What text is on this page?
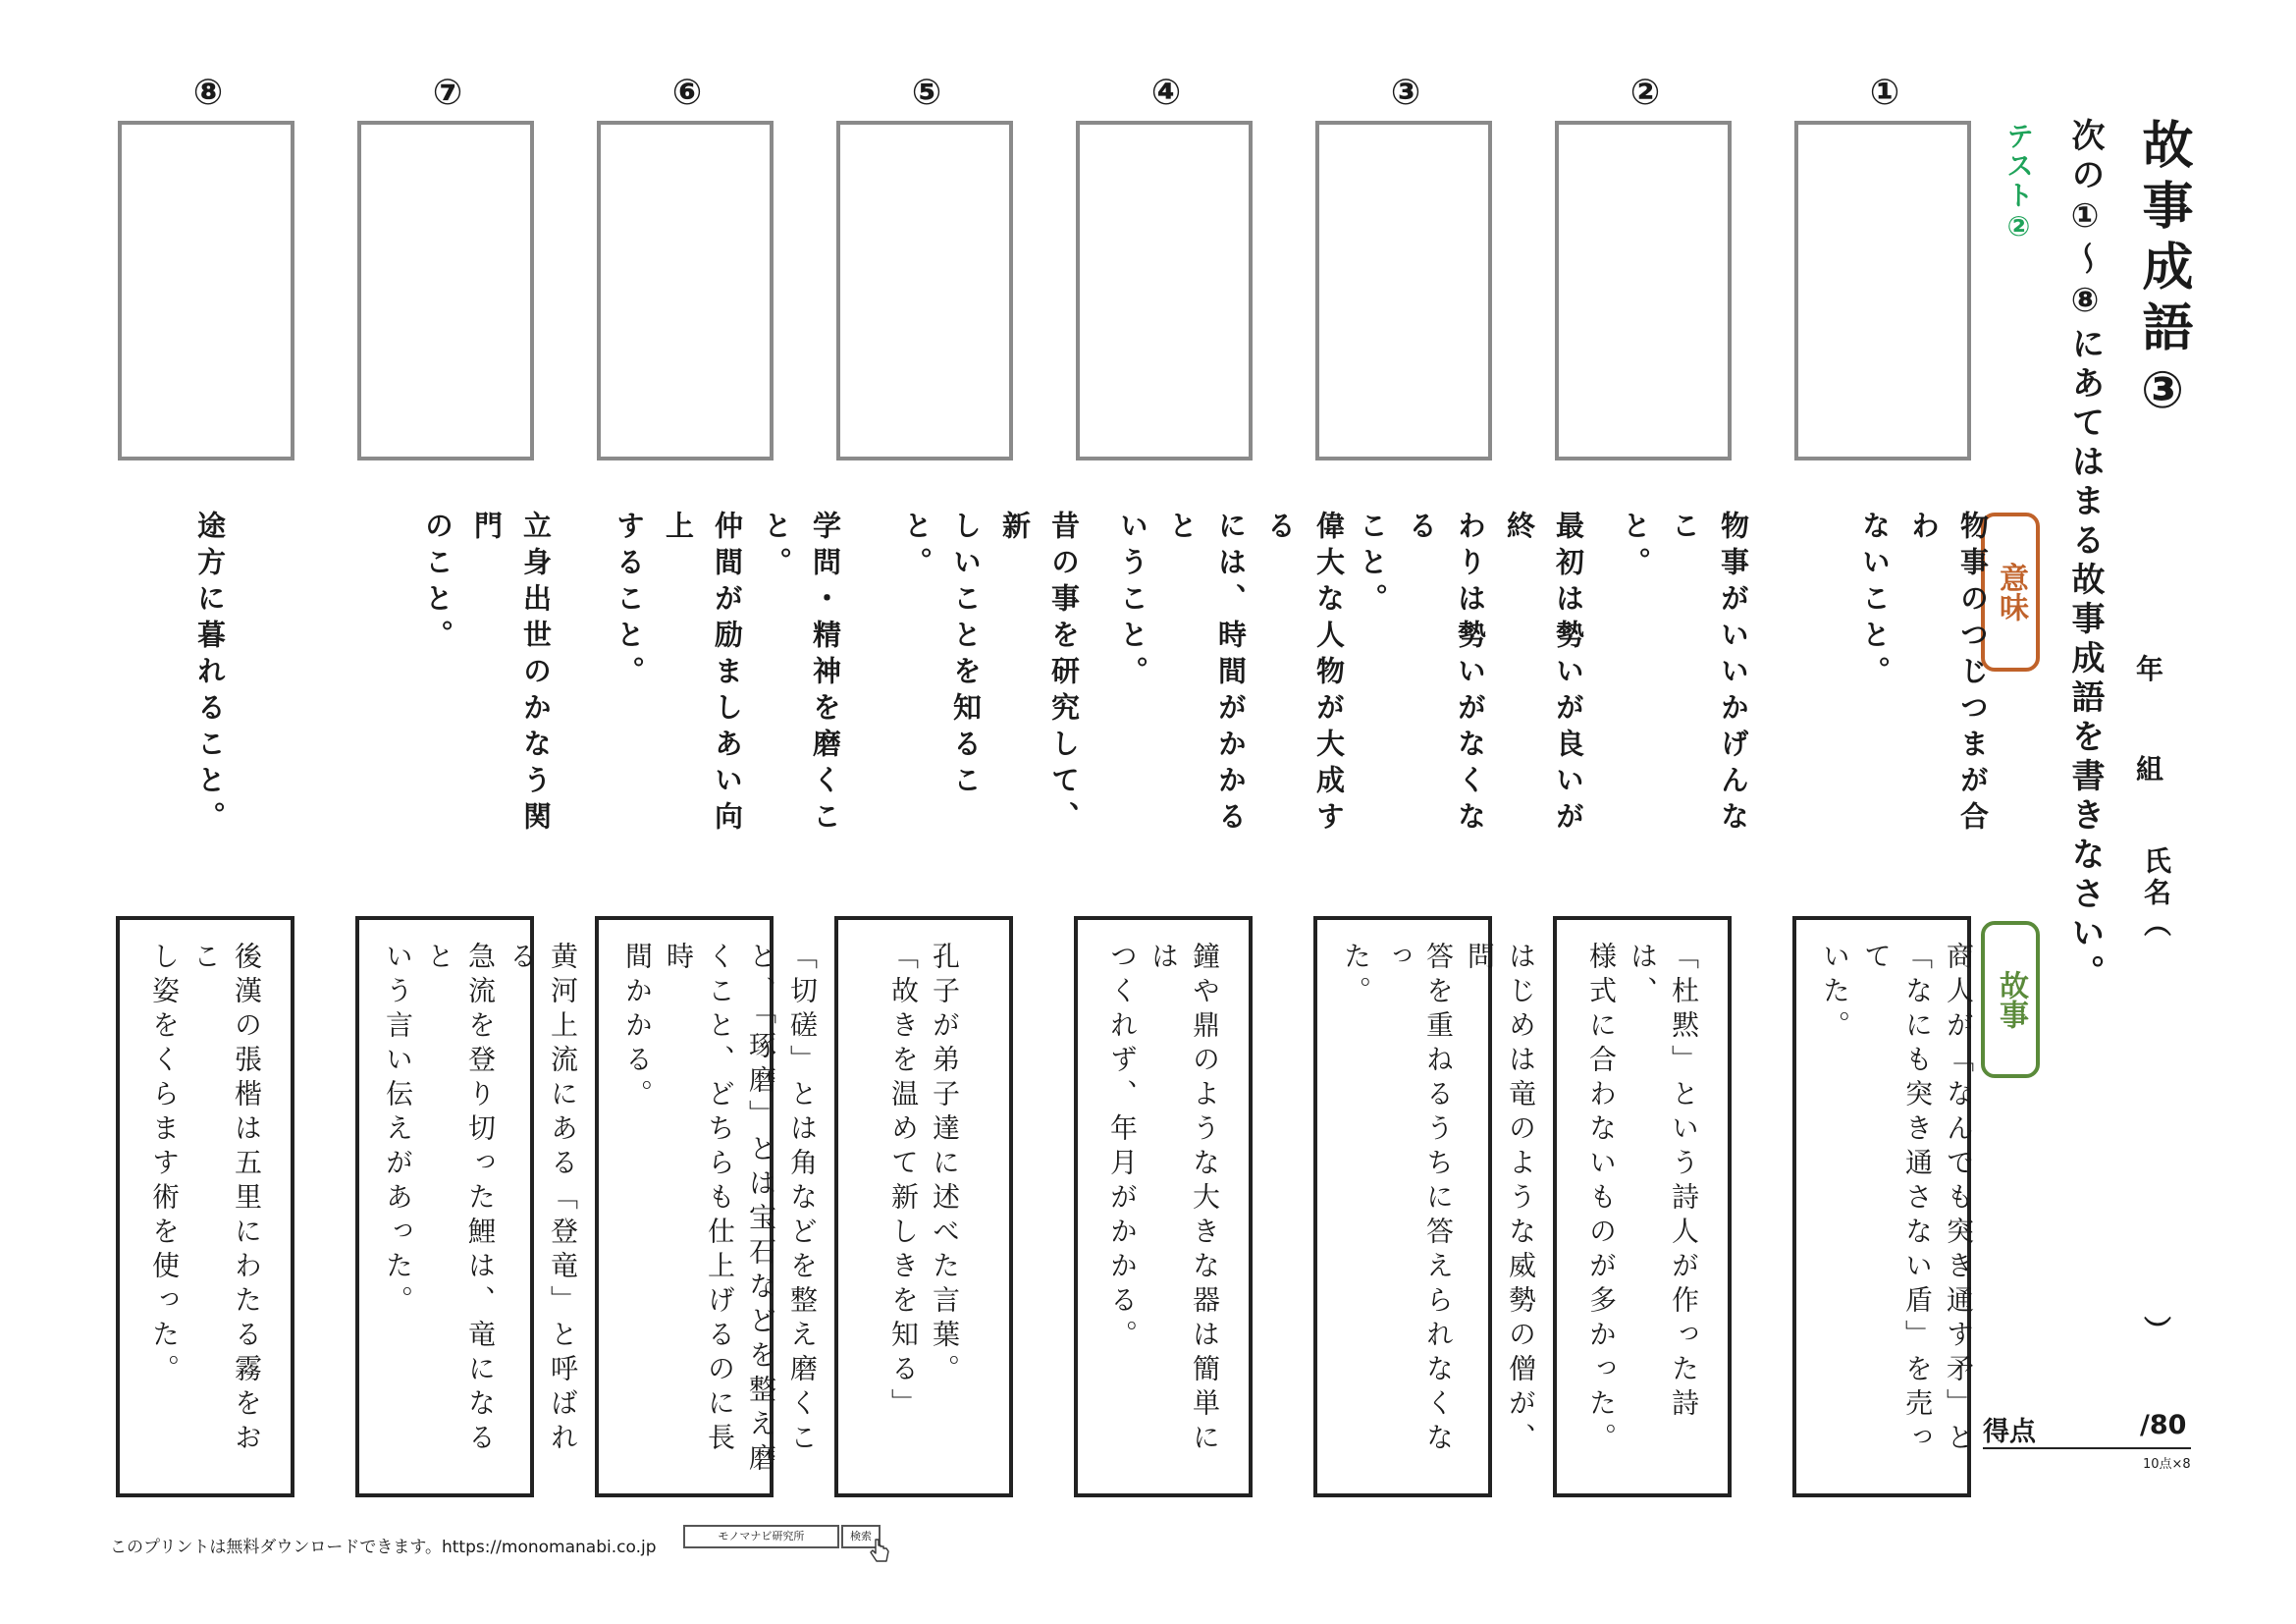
故事成語③
次の①～⑧にあてはまる故事成語を書きなさい。
テスト②
意味
故事
年
組
氏名（
）
得点	/80
10点×8
①
物事のつじつまが合わ
ないこと。
商人が「なんでも突き通す矛」と
「なにも突き通さない盾」を売って
いた。
②
物事がいいかげんなこ
と。
「杜黙」という詩人が作った詩は、
様式に合わないものが多かった。
③
最初は勢いが良いが終
わりは勢いがなくなる
こと。
はじめは竜のような威勢の僧が、問
答を重ねるうちに答えられなくなっ
た。
④
偉大な人物が大成する
には、時間がかかると
いうこと。
鐘や鼎のような大きな器は簡単には
つくれず、年月がかかる。
⑤
昔の事を研究して、新
しいことを知ること。
孔子が弟子達に述べた言葉。
「故きを温めて新しきを知る」
⑥
学問・精神を磨くこ
と。
仲間が励ましあい向上
すること。
「切磋」とは角などを整え磨くこ
と、「琢磨」とは宝石などを整え磨
くこと、どちらも仕上げるのに長時
間かかる。
⑦
立身出世のかなう関門
のこと。
黄河上流にある「登竜」と呼ばれる
急流を登り切った鯉は、竜になると
いう言い伝えがあった。
⑧
途方に暮れること。
後漢の張楷は五里にわたる霧をおこ
し姿をくらます術を使った。
このプリントは無料ダウンロードできます。https://monomanabi.co.jp
モノマナビ研究所	検索
